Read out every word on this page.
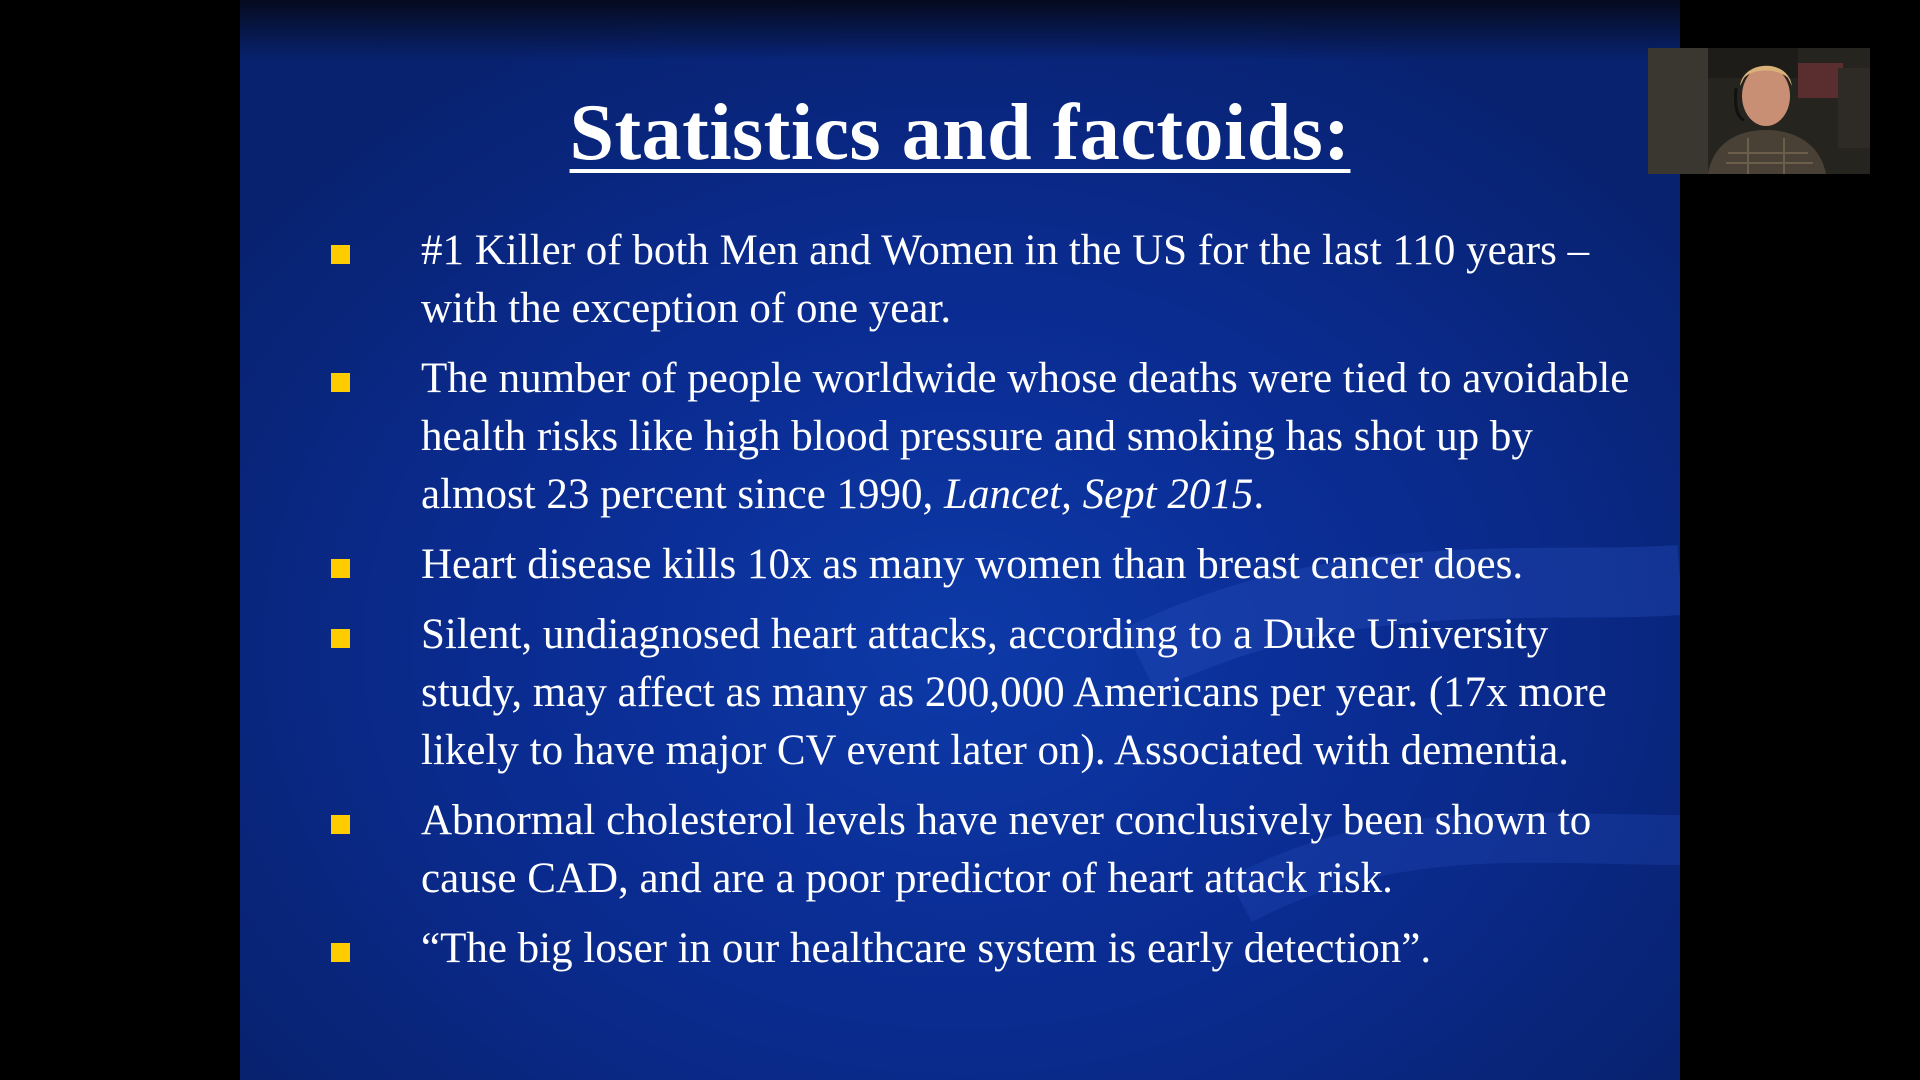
Statistics and factoids:
#1 Killer of both Men and Women in the US for the last 110 years – with the exception of one year.
The number of people worldwide whose deaths were tied to avoidable health risks like high blood pressure and smoking has shot up by almost 23 percent since 1990, Lancet, Sept 2015.
Heart disease kills 10x as many women than breast cancer does.
Silent, undiagnosed heart attacks, according to a Duke University study, may affect as many as 200,000 Americans per year. (17x more likely to have major CV event later on). Associated with dementia.
Abnormal cholesterol levels have never conclusively been shown to cause CAD, and are a poor predictor of heart attack risk.
“The big loser in our healthcare system is early detection”.
